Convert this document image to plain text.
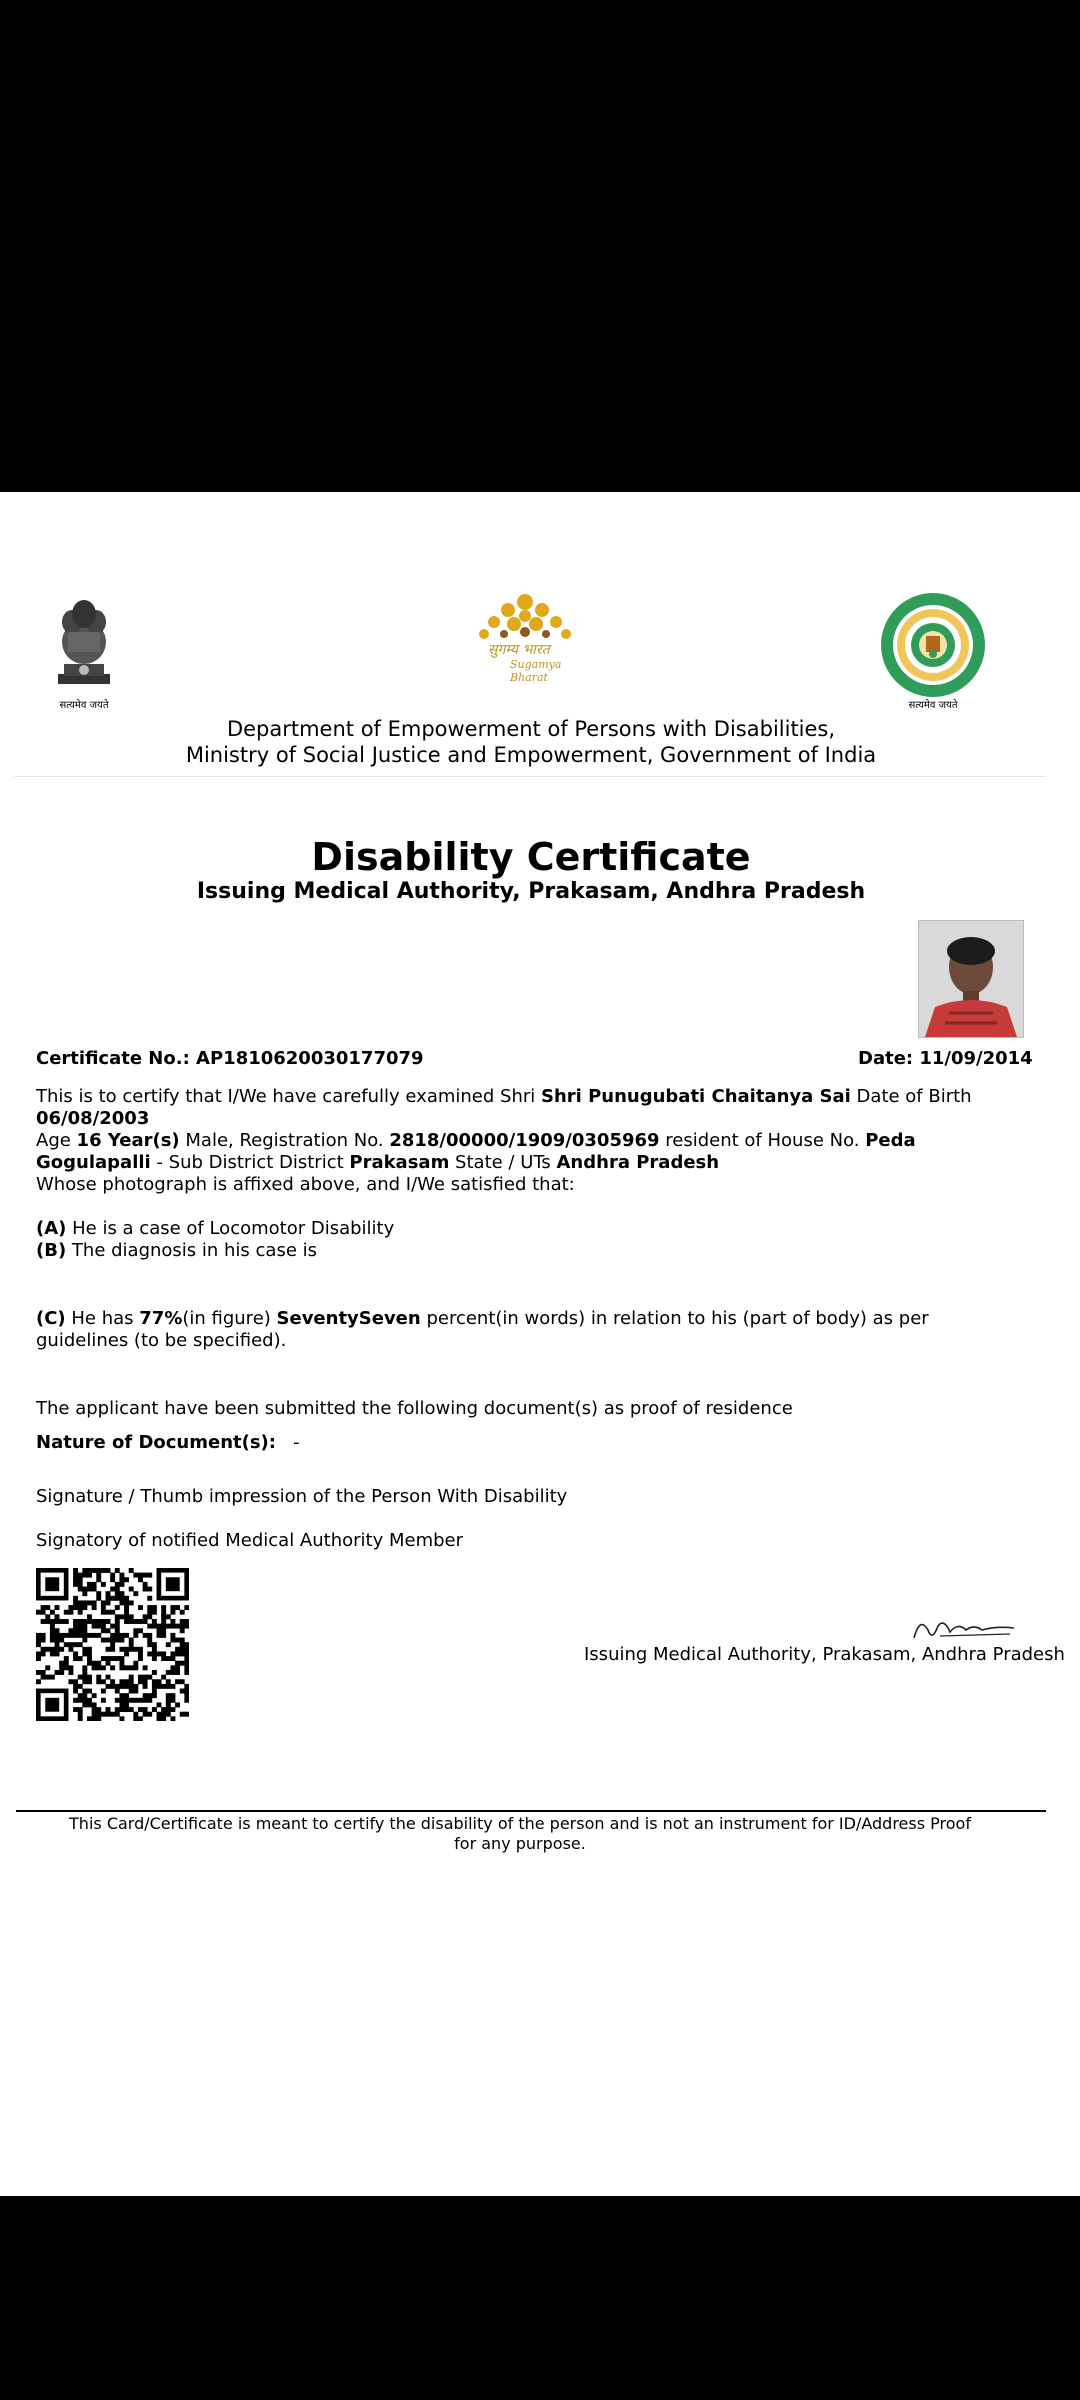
सत्यमेव जयते
सुगम्य भारत
Sugamya Bharat
सत्यमेव जयते
Department of Empowerment of Persons with Disabilities,
Ministry of Social Justice and Empowerment, Government of India
Disability Certificate
Issuing Medical Authority, Prakasam, Andhra Pradesh
Certificate No.: AP1810620030177079	Date: 11/09/2014
This is to certify that I/We have carefully examined Shri Shri Punugubati Chaitanya Sai Date of Birth 06/08/2003
Age 16 Year(s) Male, Registration No. 2818/00000/1909/0305969 resident of House No. Peda Gogulapalli - Sub District District Prakasam State / UTs Andhra Pradesh
Whose photograph is affixed above, and I/We satisfied that:
(A) He is a case of Locomotor Disability
(B) The diagnosis in his case is
(C) He has 77%(in figure) SeventySeven percent(in words) in relation to his (part of body) as per guidelines (to be specified).
The applicant have been submitted the following document(s) as proof of residence
Nature of Document(s): -
Signature / Thumb impression of the Person With Disability
Signatory of notified Medical Authority Member
Issuing Medical Authority, Prakasam, Andhra Pradesh
This Card/Certificate is meant to certify the disability of the person and is not an instrument for ID/Address Proof for any purpose.
